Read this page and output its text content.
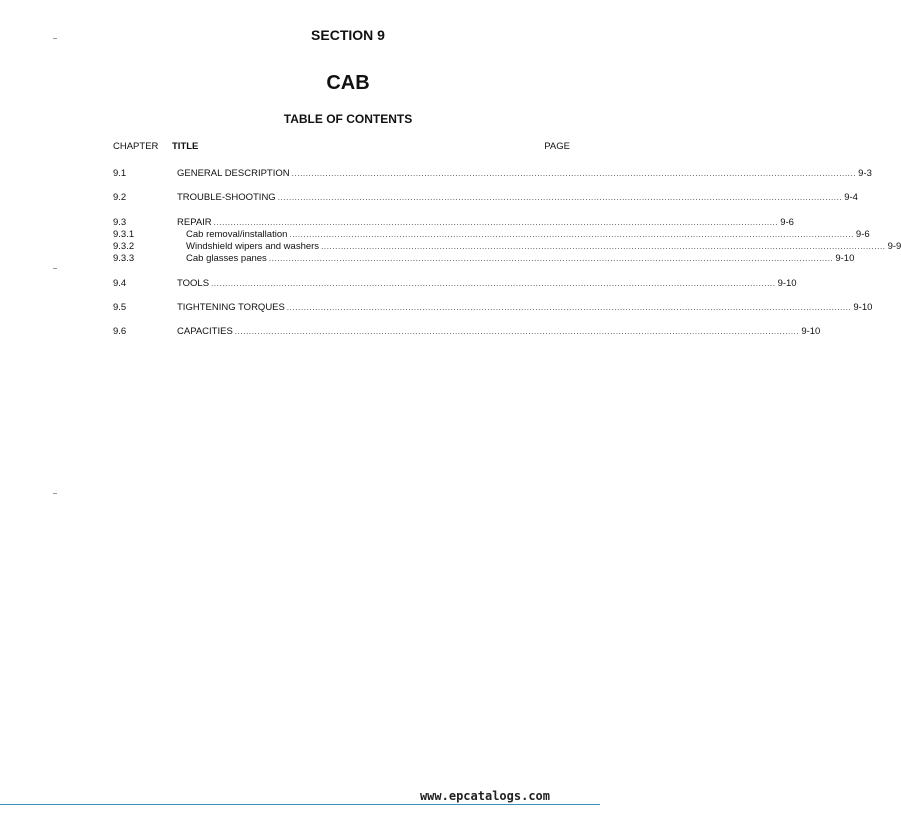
SECTION 9
CAB
TABLE OF CONTENTS
CHAPTER TITLE	PAGE
9.1	GENERAL DESCRIPTION ........................................................................................................................................................................................................ 9-3
9.2	TROUBLE-SHOOTING ........................................................................................................................................................................................................ 9-4
9.3	REPAIR ........................................................................................................................................................................................................ 9-6
9.3.1	Cab removal/installation ........................................................................................................................................................................................................ 9-6
9.3.2	Windshield wipers and washers ........................................................................................................................................................................................................ 9-9
9.3.3	Cab glasses panes ........................................................................................................................................................................................................ 9-10
9.4	TOOLS ........................................................................................................................................................................................................ 9-10
9.5	TIGHTENING TORQUES ........................................................................................................................................................................................................ 9-10
9.6	CAPACITIES ........................................................................................................................................................................................................ 9-10
www.epcatalogs.com
